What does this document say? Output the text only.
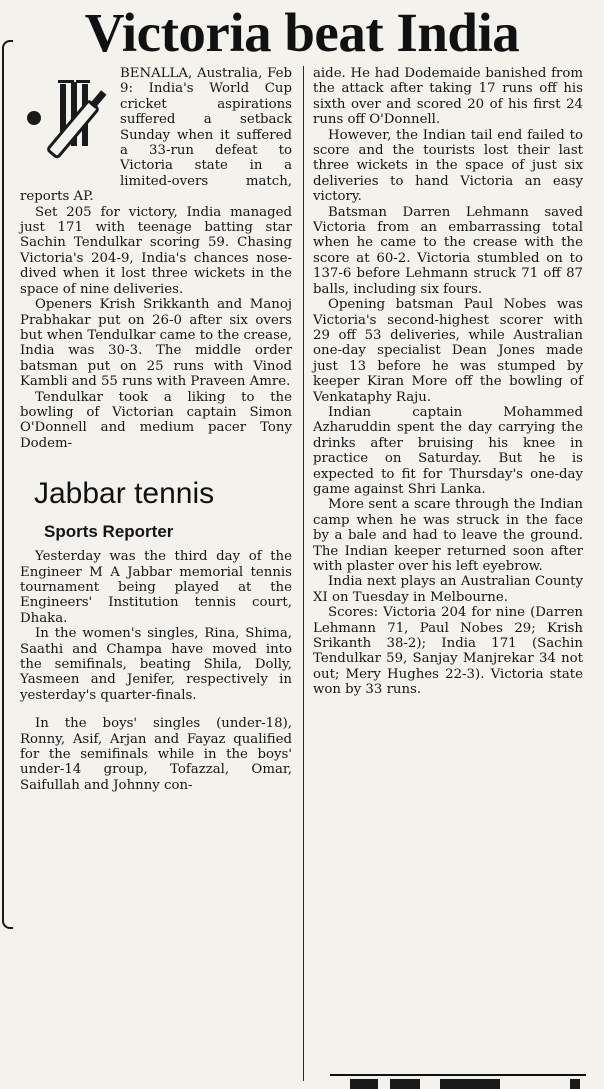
Victoria beat India

BENALLA, Australia, Feb 9: India's World Cup cricket aspirations suffered a setback Sunday when it suffered a 33-run defeat to Victoria state in a limited-overs match, reports AP.

Set 205 for victory, India managed just 171 with teenage batting star Sachin Tendulkar scoring 59. Chasing Victoria's 204-9, India's chances nose-dived when it lost three wickets in the space of nine deliveries.

Openers Krish Srikkanth and Manoj Prabhakar put on 26-0 after six overs but when Tendulkar came to the crease, India was 30-3. The middle order batsman put on 25 runs with Vinod Kambli and 55 runs with Praveen Amre.

Tendulkar took a liking to the bowling of Victorian captain Simon O'Donnell and medium pacer Tony Dodem-

Jabbar tennis
Sports Reporter

Yesterday was the third day of the Engineer M A Jabbar memorial tennis tournament being played at the Engineers' Institution tennis court, Dhaka.

In the women's singles, Rina, Shima, Saathi and Champa have moved into the semifinals, beating Shila, Dolly, Yasmeen and Jenifer, respectively in yesterday's quarter-finals.

In the boys' singles (under-18), Ronny, Asif, Arjan and Fayaz qualified for the semifinals while in the boys' under-14 group, Tofazzal, Omar, Saifullah and Johnny con-

aide. He had Dodemaide banished from the attack after taking 17 runs off his sixth over and scored 20 of his first 24 runs off O'Donnell.

However, the Indian tail end failed to score and the tourists lost their last three wickets in the space of just six deliveries to hand Victoria an easy victory.

Batsman Darren Lehmann saved Victoria from an embarrassing total when he came to the crease with the score at 60-2. Victoria stumbled on to 137-6 before Lehmann struck 71 off 87 balls, including six fours.

Opening batsman Paul Nobes was Victoria's second-highest scorer with 29 off 53 deliveries, while Australian one-day specialist Dean Jones made just 13 before he was stumped by keeper Kiran More off the bowling of Venkataphy Raju.

Indian captain Mohammed Azharuddin spent the day carrying the drinks after bruising his knee in practice on Saturday. But he is expected to fit for Thursday's one-day game against Shri Lanka.

More sent a scare through the Indian camp when he was struck in the face by a bale and had to leave the ground. The Indian keeper returned soon after with plaster over his left eyebrow.

India next plays an Australian County XI on Tuesday in Melbourne.

Scores: Victoria 204 for nine (Darren Lehmann 71, Paul Nobes 29; Krish Srikanth 38-2); India 171 (Sachin Tendulkar 59, Sanjay Manjrekar 34 not out; Mery Hughes 22-3). Victoria state won by 33 runs.
